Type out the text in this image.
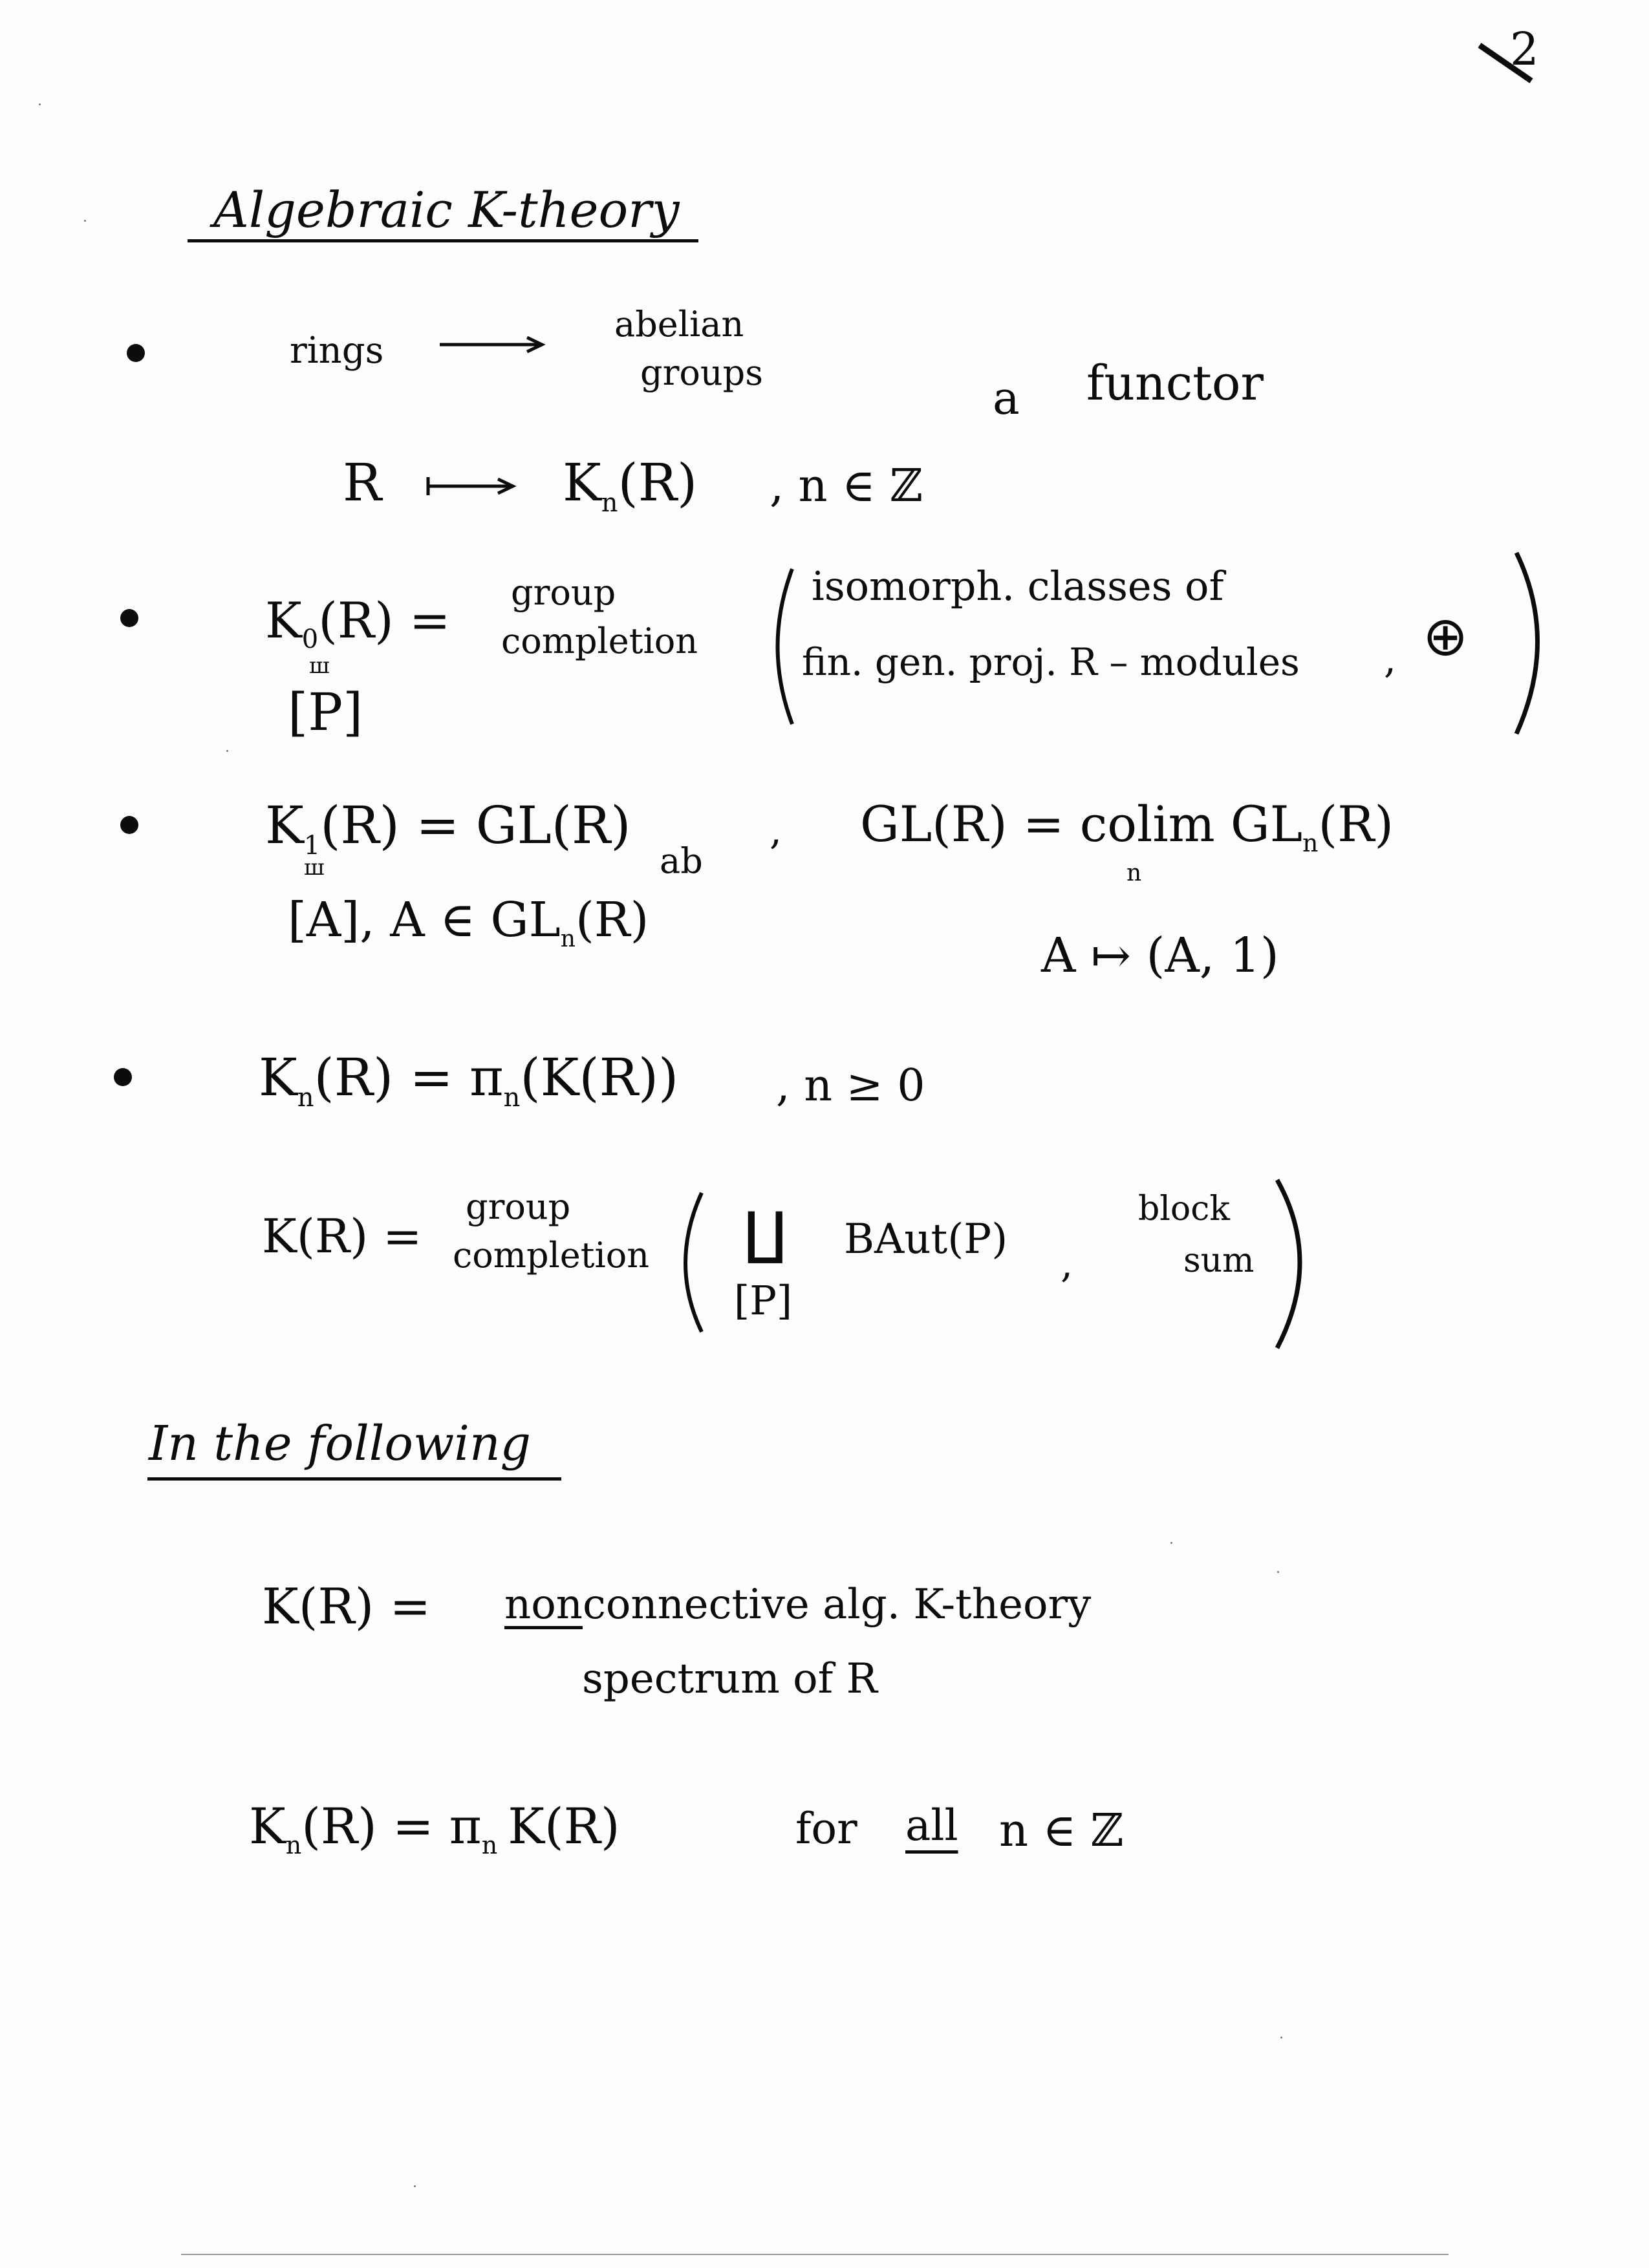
2
Algebraic K-theory
rings
abelian
groups	a functor
R	$K_n(R)$ , n ∈ ℤ
$K_0(R)$ =
ш
[P]
group
completion
isomorph. classes of
fin. gen. proj. R – modules , ⊕
$K_1(R) = GL(R)$
ab
, GL(R) = colim $GL_n(R)$
n
ш
[A], A ∈ $GL_n(R)$
A ↦ (A, 1)
$K_n(R) = \pi_n(K(R))$ , n ≥ 0
K(R) =
group
completion ∐
[P]
BAut(P)
,
block
sum
In the following
K(R) = nonconnective alg. K-theory
spectrum of R
$K_n(R) = \pi_n$ K(R)	for all n ∈ ℤ
